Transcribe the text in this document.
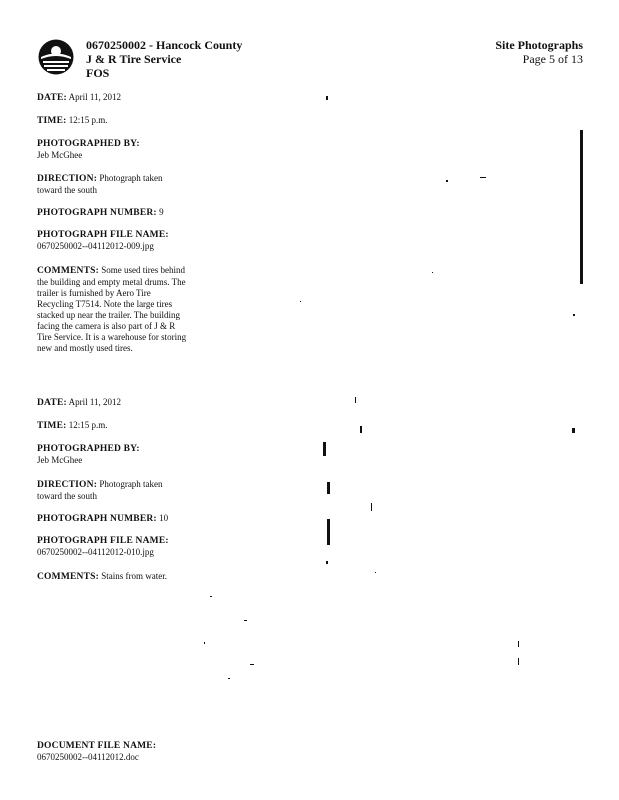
0670250002 - Hancock County
J & R Tire Service
FOS
Site Photographs
Page 5 of 13
DATE: April 11, 2012
TIME: 12:15 p.m.
PHOTOGRAPHED BY:
Jeb McGhee
DIRECTION: Photograph taken toward the south
PHOTOGRAPH NUMBER: 9
PHOTOGRAPH FILE NAME:
0670250002--04112012-009.jpg
COMMENTS: Some used tires behind the building and empty metal drums. The trailer is furnished by Aero Tire Recycling T7514. Note the large tires stacked up near the trailer. The building facing the camera is also part of J & R Tire Service. It is a warehouse for storing new and mostly used tires.
DATE: April 11, 2012
TIME: 12:15 p.m.
PHOTOGRAPHED BY:
Jeb McGhee
DIRECTION: Photograph taken toward the south
PHOTOGRAPH NUMBER: 10
PHOTOGRAPH FILE NAME:
0670250002--04112012-010.jpg
COMMENTS: Stains from water.
DOCUMENT FILE NAME:
0670250002--04112012.doc
